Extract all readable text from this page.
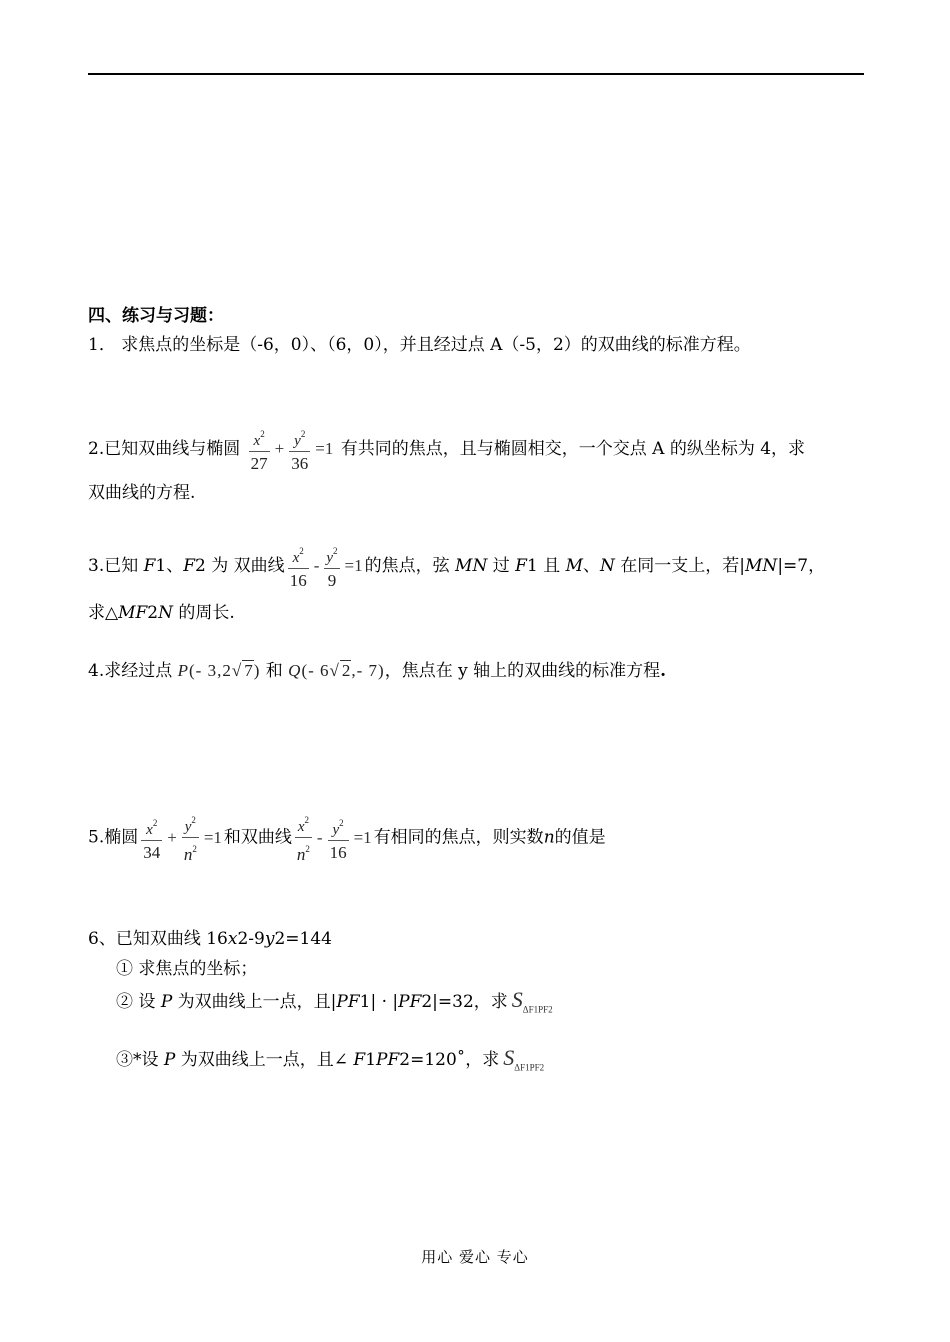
四、练习与习题：
1． 求焦点的坐标是（-6，0）、（6，0），并且经过点 A（-5，2）的双曲线的标准方程。
2.已知双曲线与椭圆 $\frac{x^2}{27} + \frac{y^2}{36} =1$ 有共同的焦点，且与椭圆相交，一个交点 A 的纵坐标为 4，求
双曲线的方程.
3.已知 F1、F2 为 双曲线 $\frac{x^2}{16} - \frac{y^2}{9} =1$ 的焦点，弦 MN 过 F1 且 M、N 在同一支上，若|MN|=7，
求△MF2N 的周长.
4.求经过点 P(- 3,2√ 7) 和 Q(- 6√ 2,- 7)，焦点在 y 轴上的双曲线的标准方程.
5.椭圆 $\frac{x^2}{34} + \frac{y^2}{n^2} =1$ 和双曲线 $\frac{x^2}{n^2} - \frac{y^2}{16} =1$ 有相同的焦点，则实数n的值是
6、已知双曲线 16x2-9y2=144
① 求焦点的坐标；
② 设 P 为双曲线上一点，且|PF1| · |PF2|=32，求 $S_{\Delta F1PF2}$
③*设 P 为双曲线上一点，且∠ F1PF2=120˚，求 $S_{\Delta F1PF2}$
用心 爱心 专心
